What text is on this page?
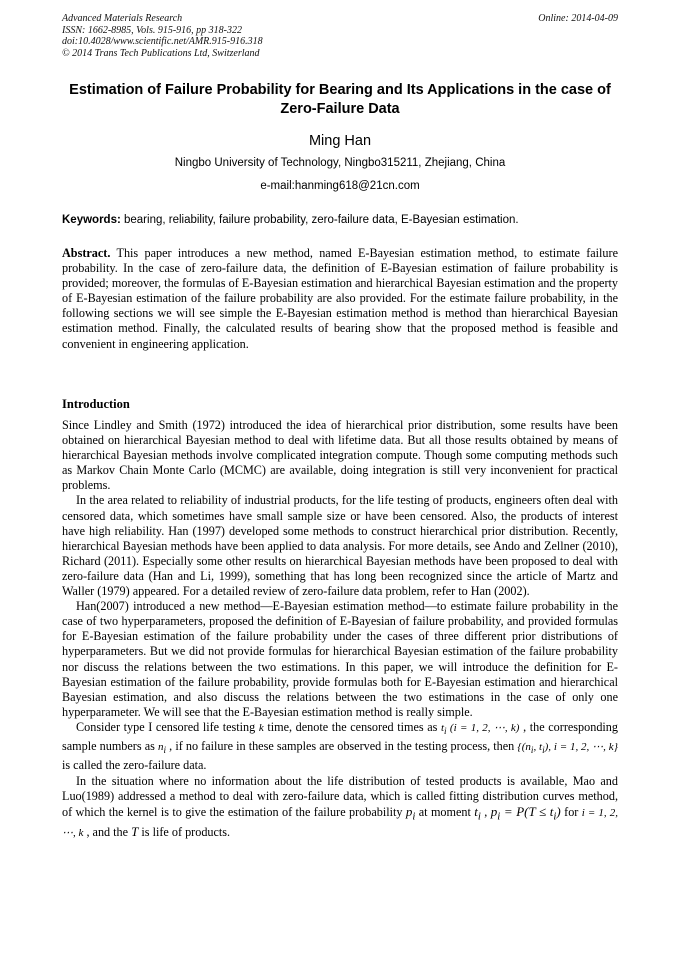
Advanced Materials Research
ISSN: 1662-8985, Vols. 915-916, pp 318-322
doi:10.4028/www.scientific.net/AMR.915-916.318
© 2014 Trans Tech Publications Ltd, Switzerland
Online: 2014-04-09
Estimation of Failure Probability for Bearing and Its Applications in the case of Zero-Failure Data
Ming Han
Ningbo University of Technology, Ningbo315211, Zhejiang, China
e-mail:hanming618@21cn.com
Keywords: bearing, reliability, failure probability, zero-failure data, E-Bayesian estimation.
Abstract. This paper introduces a new method, named E-Bayesian estimation method, to estimate failure probability. In the case of zero-failure data, the definition of E-Bayesian estimation of failure probability is provided; moreover, the formulas of E-Bayesian estimation and hierarchical Bayesian estimation and the property of E-Bayesian estimation of the failure probability are also provided. For the estimate failure probability, in the following sections we will see simple the E-Bayesian estimation method is method than hierarchical Bayesian estimation method. Finally, the calculated results of bearing show that the proposed method is feasible and convenient in engineering application.
Introduction

Since Lindley and Smith (1972) introduced the idea of hierarchical prior distribution, some results have been obtained on hierarchical Bayesian method to deal with lifetime data. But all those results obtained by means of hierarchical Bayesian methods involve complicated integration compute. Though some computing methods such as Markov Chain Monte Carlo (MCMC) are available, doing integration is still very inconvenient for practical problems.

In the area related to reliability of industrial products, for the life testing of products, engineers often deal with censored data, which sometimes have small sample size or have been censored. Also, the products of interest have high reliability. Han (1997) developed some methods to construct hierarchical prior distribution. Recently, hierarchical Bayesian methods have been applied to data analysis. For more details, see Ando and Zellner (2010), Richard (2011). Especially some other results on hierarchical Bayesian methods have been proposed to deal with zero-failure data (Han and Li, 1999), something that has long been recognized since the article of Martz and Waller (1979) appeared. For a detailed review of zero-failure data problem, refer to Han (2002).

Han(2007) introduced a new method—E-Bayesian estimation method—to estimate failure probability in the case of two hyperparameters, proposed the definition of E-Bayesian of failure probability, and provided formulas for E-Bayesian estimation of the failure probability under the cases of three different prior distributions of hyperparameters. But we did not provide formulas for hierarchical Bayesian estimation of the failure probability nor discuss the relations between the two estimations. In this paper, we will introduce the definition for E-Bayesian estimation of the failure probability, provide formulas both for E-Bayesian estimation and hierarchical Bayesian estimation, and also discuss the relations between the two estimations in the case of only one hyperparameter. We will see that the E-Bayesian estimation method is really simple.

Consider type I censored life testing k time, denote the censored times as $t_i$ (i = 1, 2, ⋯, k) , the corresponding sample numbers as $n_i$ , if no failure in these samples are observed in the testing process, then {($n_i$, $t_i$), i = 1, 2, ⋯, k} is called the zero-failure data.

In the situation where no information about the life distribution of tested products is available, Mao and Luo(1989) addressed a method to deal with zero-failure data, which is called fitting distribution curves method, of which the kernel is to give the estimation of the failure probability $p_i$ at moment $t_i$ , $p_i = P(T \le t_i)$ for i = 1, 2, ⋯, k , and the T is life of products.
